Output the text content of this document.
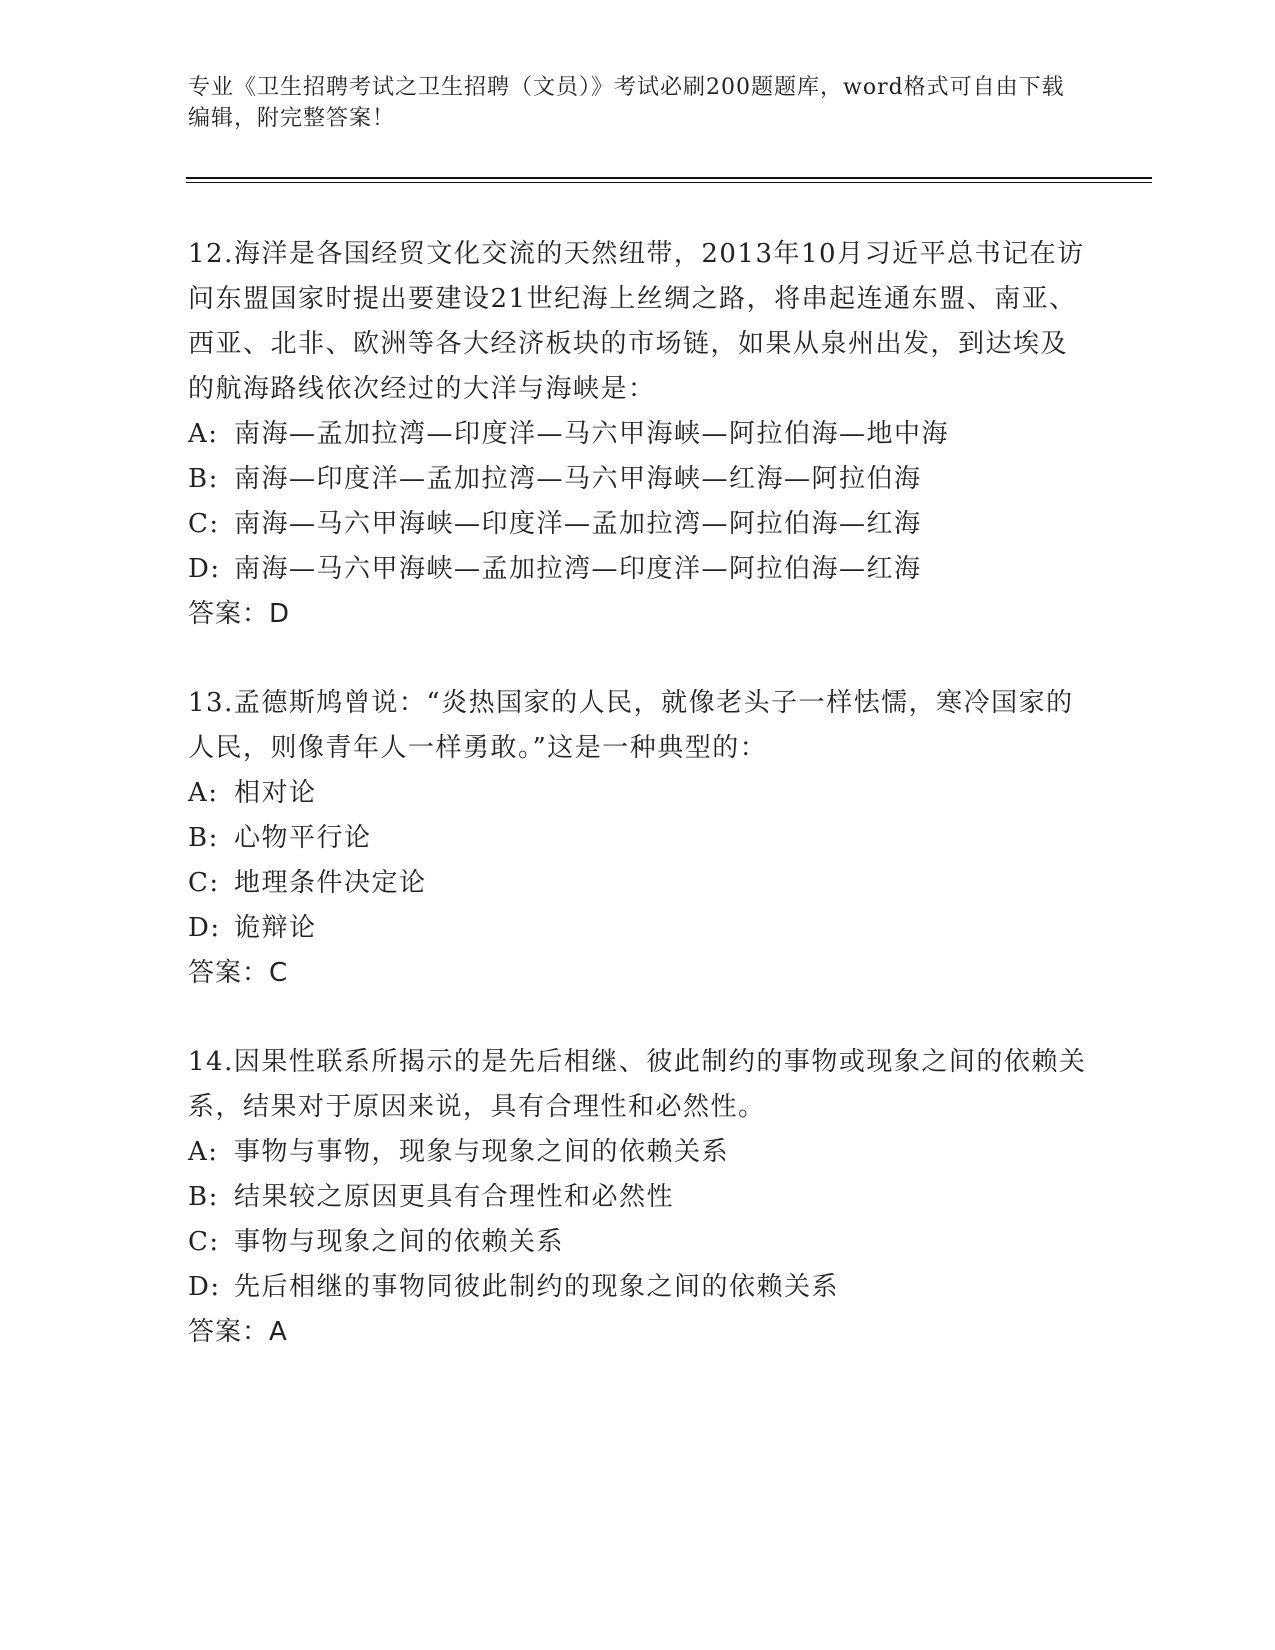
专业《卫生招聘考试之卫生招聘（文员）》考试必刷200题题库，word格式可自由下载编辑，附完整答案！

12.海洋是各国经贸文化交流的天然纽带，2013年10月习近平总书记在访问东盟国家时提出要建设21世纪海上丝绸之路，将串起连通东盟、南亚、西亚、北非、欧洲等各大经济板块的市场链，如果从泉州出发，到达埃及的航海路线依次经过的大洋与海峡是：

A: 南海—孟加拉湾—印度洋—马六甲海峡—阿拉伯海—地中海

B: 南海—印度洋—孟加拉湾—马六甲海峡—红海—阿拉伯海

C: 南海—马六甲海峡—印度洋—孟加拉湾—阿拉伯海—红海

D: 南海—马六甲海峡—孟加拉湾—印度洋—阿拉伯海—红海

答案：D

13.孟德斯鸠曾说：“炎热国家的人民，就像老头子一样怯懦，寒冷国家的人民，则像青年人一样勇敢。”这是一种典型的：

A: 相对论

B: 心物平行论

C: 地理条件决定论

D: 诡辩论

答案：C

14.因果性联系所揭示的是先后相继、彼此制约的事物或现象之间的依赖关系，结果对于原因来说，具有合理性和必然性。

A: 事物与事物，现象与现象之间的依赖关系

B: 结果较之原因更具有合理性和必然性

C: 事物与现象之间的依赖关系

D: 先后相继的事物同彼此制约的现象之间的依赖关系

答案：A
